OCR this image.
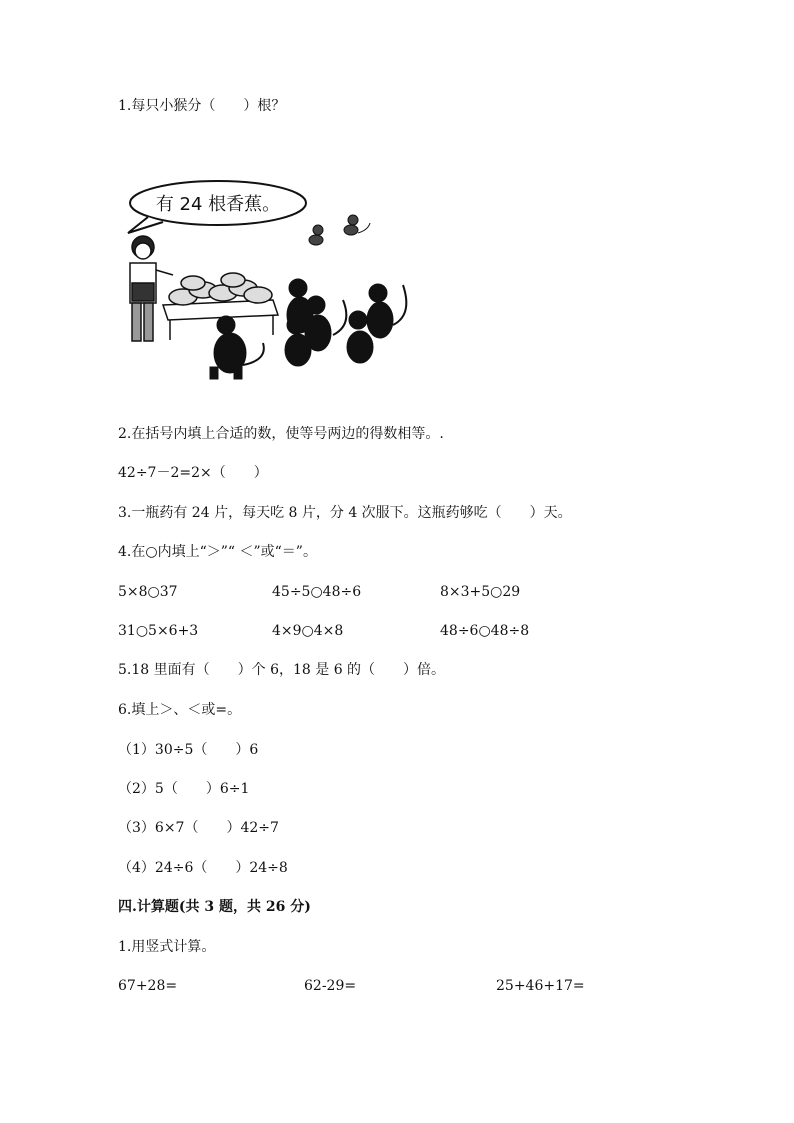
1.每只小猴分（　　）根？
有 24 根香蕉。
2.在括号内填上合适的数，使等号两边的得数相等。.
42÷7－2=2×（　　）
3.一瓶药有 24 片，每天吃 8 片，分 4 次服下。这瓶药够吃（　　）天。
4.在○内填上“＞”“ ＜”或“＝”。
5×8○37	45÷5○48÷6	8×3+5○29
31○5×6+3	4×9○4×8	48÷6○48÷8
5.18 里面有（　　）个 6，18 是 6 的（　　）倍。
6.填上＞、＜或=。
（1）30÷5（　　）6
（2）5（　　）6÷1
（3）6×7（　　）42÷7
（4）24÷6（　　）24÷8
四.计算题(共 3 题，共 26 分)
1.用竖式计算。
67+28=	62-29=	25+46+17=
